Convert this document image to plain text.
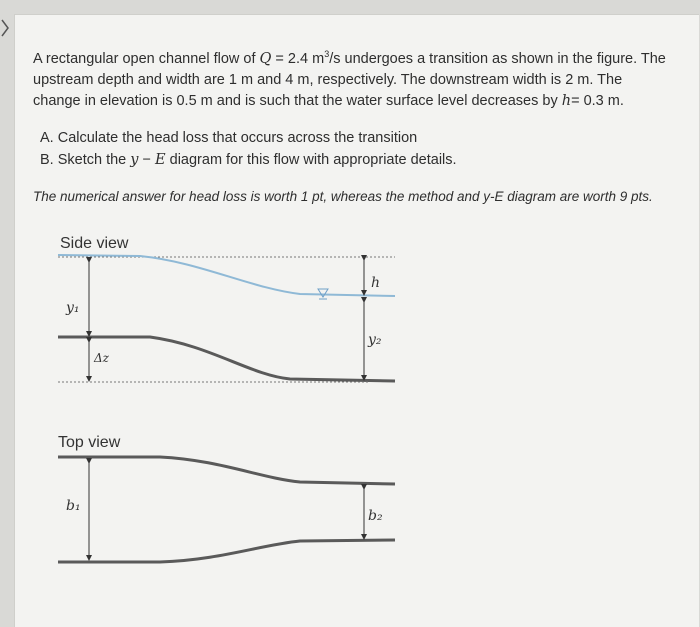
A rectangular open channel flow of Q = 2.4 $m^3/s$ undergoes a transition as shown in the figure. The
upstream depth and width are 1 m and 4 m, respectively. The downstream width is 2 m. The
change in elevation is 0.5 m and is such that the water surface level decreases by h= 0.3 m.
A. Calculate the head loss that occurs across the transition
B. Sketch the y − E diagram for this flow with appropriate details.
The numerical answer for head loss is worth 1 pt, whereas the method and y-E diagram are worth 9 pts.
Side view
Top view
y₁
Δz
h
y₂
b₁
b₂
